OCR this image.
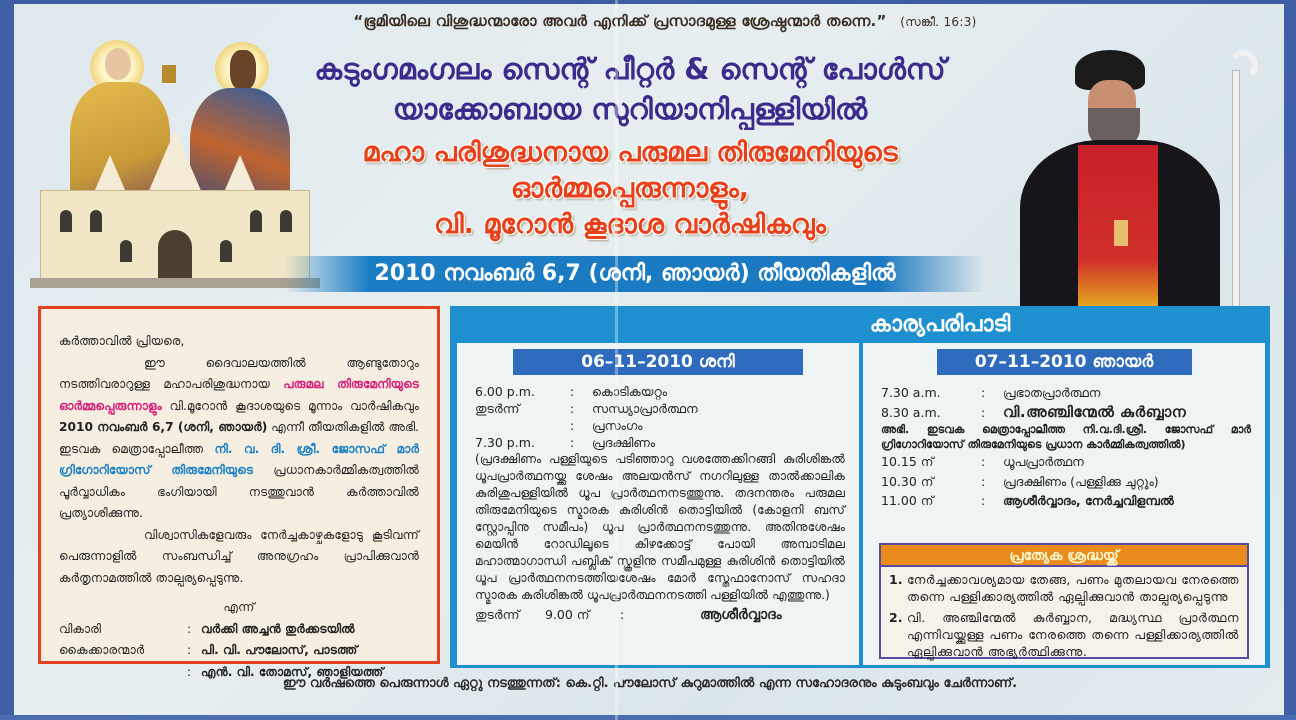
“ഭൂമിയിലെ വിശുദ്ധന്മാരോ അവർ എനിക്ക് പ്രസാദമുള്ള ശ്രേഷ്ഠന്മാർ തന്നെ.” (സങ്കീ. 16:3)
കടുംഗമംഗലം സെന്റ് പീറ്റർ & സെന്റ് പോൾസ്
യാക്കോബായ സുറിയാനിപ്പള്ളിയിൽ
മഹാ പരിശുദ്ധനായ പരുമല തിരുമേനിയുടെ
ഓർമ്മപ്പെരുന്നാളും,
വി. മൂറോൻ കൂദാശ വാർഷികവും
2010 നവംബർ 6,7 (ശനി, ഞായർ) തീയതികളിൽ

കർത്താവിൽ പ്രിയരെ,

ഈ ദൈവാലയത്തിൽ ആണ്ടുതോറും നടത്തിവരാറുള്ള മഹാപരിശുദ്ധനായ പരുമല തിരുമേനിയുടെ ഓർമ്മപ്പെരുന്നാളും വി.മൂറോൻ കൂദാശയുടെ മൂന്നാം വാർഷികവും 2010 നവംബർ 6,7 (ശനി, ഞായർ) എന്നീ തീയതികളിൽ അഭി. ഇടവക മെത്രാപ്പോലീത്ത നി. വ. ദി. ശ്രീ. ജോസഫ് മാർ ഗ്രിഗോറിയോസ് തിരുമേനിയുടെ പ്രധാനകാർമ്മികത്വത്തിൽ പൂർവ്വാധികം ഭംഗിയായി നടത്തുവാൻ കർത്താവിൽ പ്രത്യാശിക്കുന്നു.

വിശ്വാസികളേവരും നേർച്ചകാഴ്ചകളോടു കൂടിവന്ന് പെരുന്നാളിൽ സംബന്ധിച്ച് അനുഗ്രഹം പ്രാപിക്കുവാൻ കർതൃനാമത്തിൽ താല്പര്യപ്പെടുന്നു.

എന്ന്

വികാരി	: വർക്കി അച്ചൻ തുർക്കടയിൽ
കൈക്കാരന്മാർ	: പി. വി. പൗലോസ്, പാടത്ത്
: എൻ. വി. തോമസ്, ഞാളിയത്ത്
കാര്യപരിപാടി
06–11–2010 ശനി
6.00 p.m.	:	കൊടികയറ്റം
തുടർന്ന്	:	സന്ധ്യാപ്രാർത്ഥന
:	പ്രസംഗം
7.30 p.m.	:	പ്രദക്ഷിണം

(പ്രദക്ഷിണം പള്ളിയുടെ പടിഞ്ഞാറു വശത്തേക്കിറങ്ങി കുരിശിങ്കൽ ധൂപപ്രാർത്ഥനയ്ക്കു ശേഷം അലയൻസ് നഗറിലുള്ള താൽക്കാലിക കുരിശുപള്ളിയിൽ ധൂപ പ്രാർത്ഥനനടത്തുന്നു. തദനന്തരം പരുമല തിരുമേനിയുടെ സ്മാരക കുരിശിൻ തൊട്ടിയിൽ (കോളനി ബസ് സ്റ്റോപ്പിനു സമീപം) ധൂപ പ്രാർത്ഥനനടത്തുന്നു. അതിനുശേഷം മെയിൻ റോഡിലൂടെ കിഴക്കോട്ട് പോയി അമ്പാടിമല മഹാത്മാഗാന്ധി പബ്ലിക് സ്കൂളിനു സമീപമുള്ള കുരിശിൻ തൊട്ടിയിൽ ധൂപ പ്രാർത്ഥനനടത്തിയശേഷം മോർ സ്തേഫാനോസ് സഹദാ സ്മാരക കുരിശിങ്കൽ ധൂപപ്രാർത്ഥനനടത്തി പള്ളിയിൽ എത്തുന്നു.)

തുടർന്ന്	9.00 ന്	:	ആശീർവ്വാദം
07–11–2010 ഞായർ
7.30 a.m.	:	പ്രഭാതപ്രാർത്ഥന
8.30 a.m.	:	വി.അഞ്ചിന്മേൽ കുർബ്ബാന

അഭി. ഇടവക മെത്രാപ്പോലീത്ത നി.വ.ദി.ശ്രീ. ജോസഫ് മാർ ഗ്രിഗോറിയോസ് തിരുമേനിയുടെ പ്രധാന കാർമ്മികത്വത്തിൽ)

10.15 ന്	:	ധൂപപ്രാർത്ഥന
10.30 ന്	:	പ്രദക്ഷിണം (പള്ളിക്കു ചുറ്റും)
11.00 ന്	:	ആശീർവ്വാദം, നേർച്ചവിളമ്പൽ
പ്രത്യേക ശ്രദ്ധയ്ക്ക്
1. നേർച്ചക്കാവശ്യമായ തേങ്ങ, പണം മുതലായവ നേരത്തെ തന്നെ പള്ളിക്കാര്യത്തിൽ ഏല്പിക്കുവാൻ താല്പര്യപ്പെടുന്നു
2. വി. അഞ്ചിന്മേൽ കുർബ്ബാന, മദ്ധ്യസ്ഥ പ്രാർത്ഥന എന്നിവയ്ക്കുള്ള പണം നേരത്തെ തന്നെ പള്ളിക്കാര്യത്തിൽ ഏല്പിക്കുവാൻ അഭ്യർത്ഥിക്കുന്നു.
ഈ വർഷത്തെ പെരുന്നാൾ ഏറ്റു നടത്തുന്നത്: കെ.റ്റി. പൗലോസ് കുറുമാത്തിൽ എന്ന സഹോദരനും കുടുംബവും ചേർന്നാണ്.
